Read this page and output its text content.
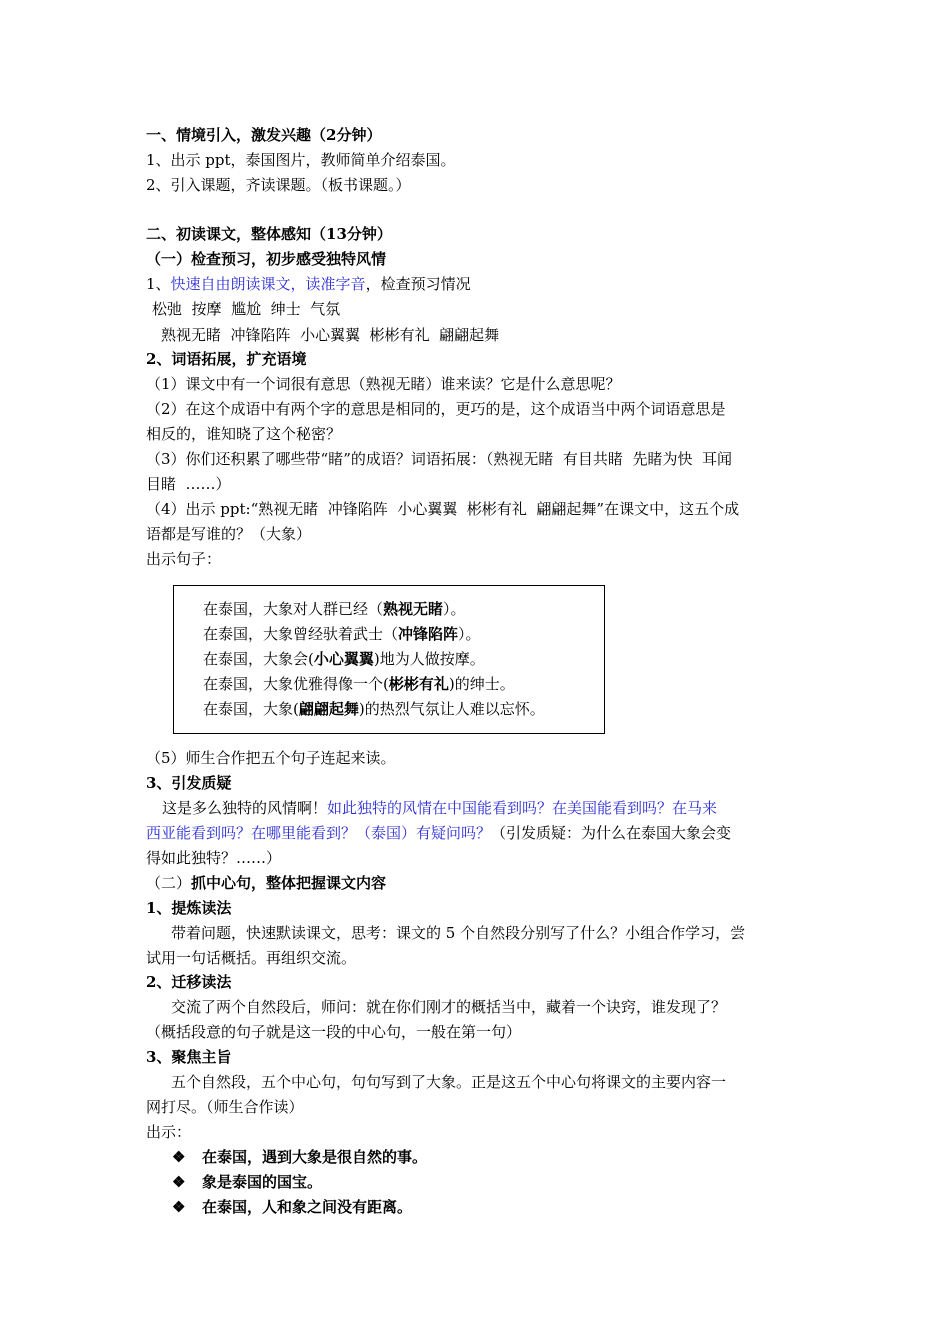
一、情境引入，激发兴趣（2分钟）
1、出示 ppt，泰国图片，教师简单介绍泰国。
2、引入课题，齐读课题。（板书课题。）
二、初读课文，整体感知（13分钟）
（一）检查预习，初步感受独特风情
1、快速自由朗读课文，读准字音，检查预习情况
松弛  按摩  尴尬  绅士  气氛
熟视无睹  冲锋陷阵  小心翼翼  彬彬有礼  翩翩起舞
2、词语拓展，扩充语境
（1）课文中有一个词很有意思（熟视无睹）谁来读？它是什么意思呢？
（2）在这个成语中有两个字的意思是相同的，更巧的是，这个成语当中两个词语意思是
相反的，谁知晓了这个秘密？
（3）你们还积累了哪些带“睹”的成语？词语拓展：（熟视无睹  有目共睹  先睹为快  耳闻
目睹  ……）
（4）出示 ppt:“熟视无睹  冲锋陷阵  小心翼翼  彬彬有礼  翩翩起舞”在课文中，这五个成
语都是写谁的？（大象）
出示句子：
在泰国，大象对人群已经（熟视无睹）。
在泰国，大象曾经驮着武士（冲锋陷阵）。
在泰国，大象会(小心翼翼)地为人做按摩。
在泰国，大象优雅得像一个(彬彬有礼)的绅士。
在泰国，大象(翩翩起舞)的热烈气氛让人难以忘怀。
（5）师生合作把五个句子连起来读。
3、引发质疑
这是多么独特的风情啊！如此独特的风情在中国能看到吗？在美国能看到吗？在马来
西亚能看到吗？在哪里能看到？（泰国）有疑问吗？（引发质疑：为什么在泰国大象会变
得如此独特？……）
（二）抓中心句，整体把握课文内容
1、提炼读法
带着问题，快速默读课文，思考：课文的 5 个自然段分别写了什么？小组合作学习，尝
试用一句话概括。再组织交流。
2、迁移读法
交流了两个自然段后，师问：就在你们刚才的概括当中，藏着一个诀窍，谁发现了？
（概括段意的句子就是这一段的中心句，一般在第一句）
3、聚焦主旨
五个自然段，五个中心句，句句写到了大象。正是这五个中心句将课文的主要内容一
网打尽。（师生合作读）
出示：
❖ 在泰国，遇到大象是很自然的事。
❖ 象是泰国的国宝。
❖ 在泰国，人和象之间没有距离。
